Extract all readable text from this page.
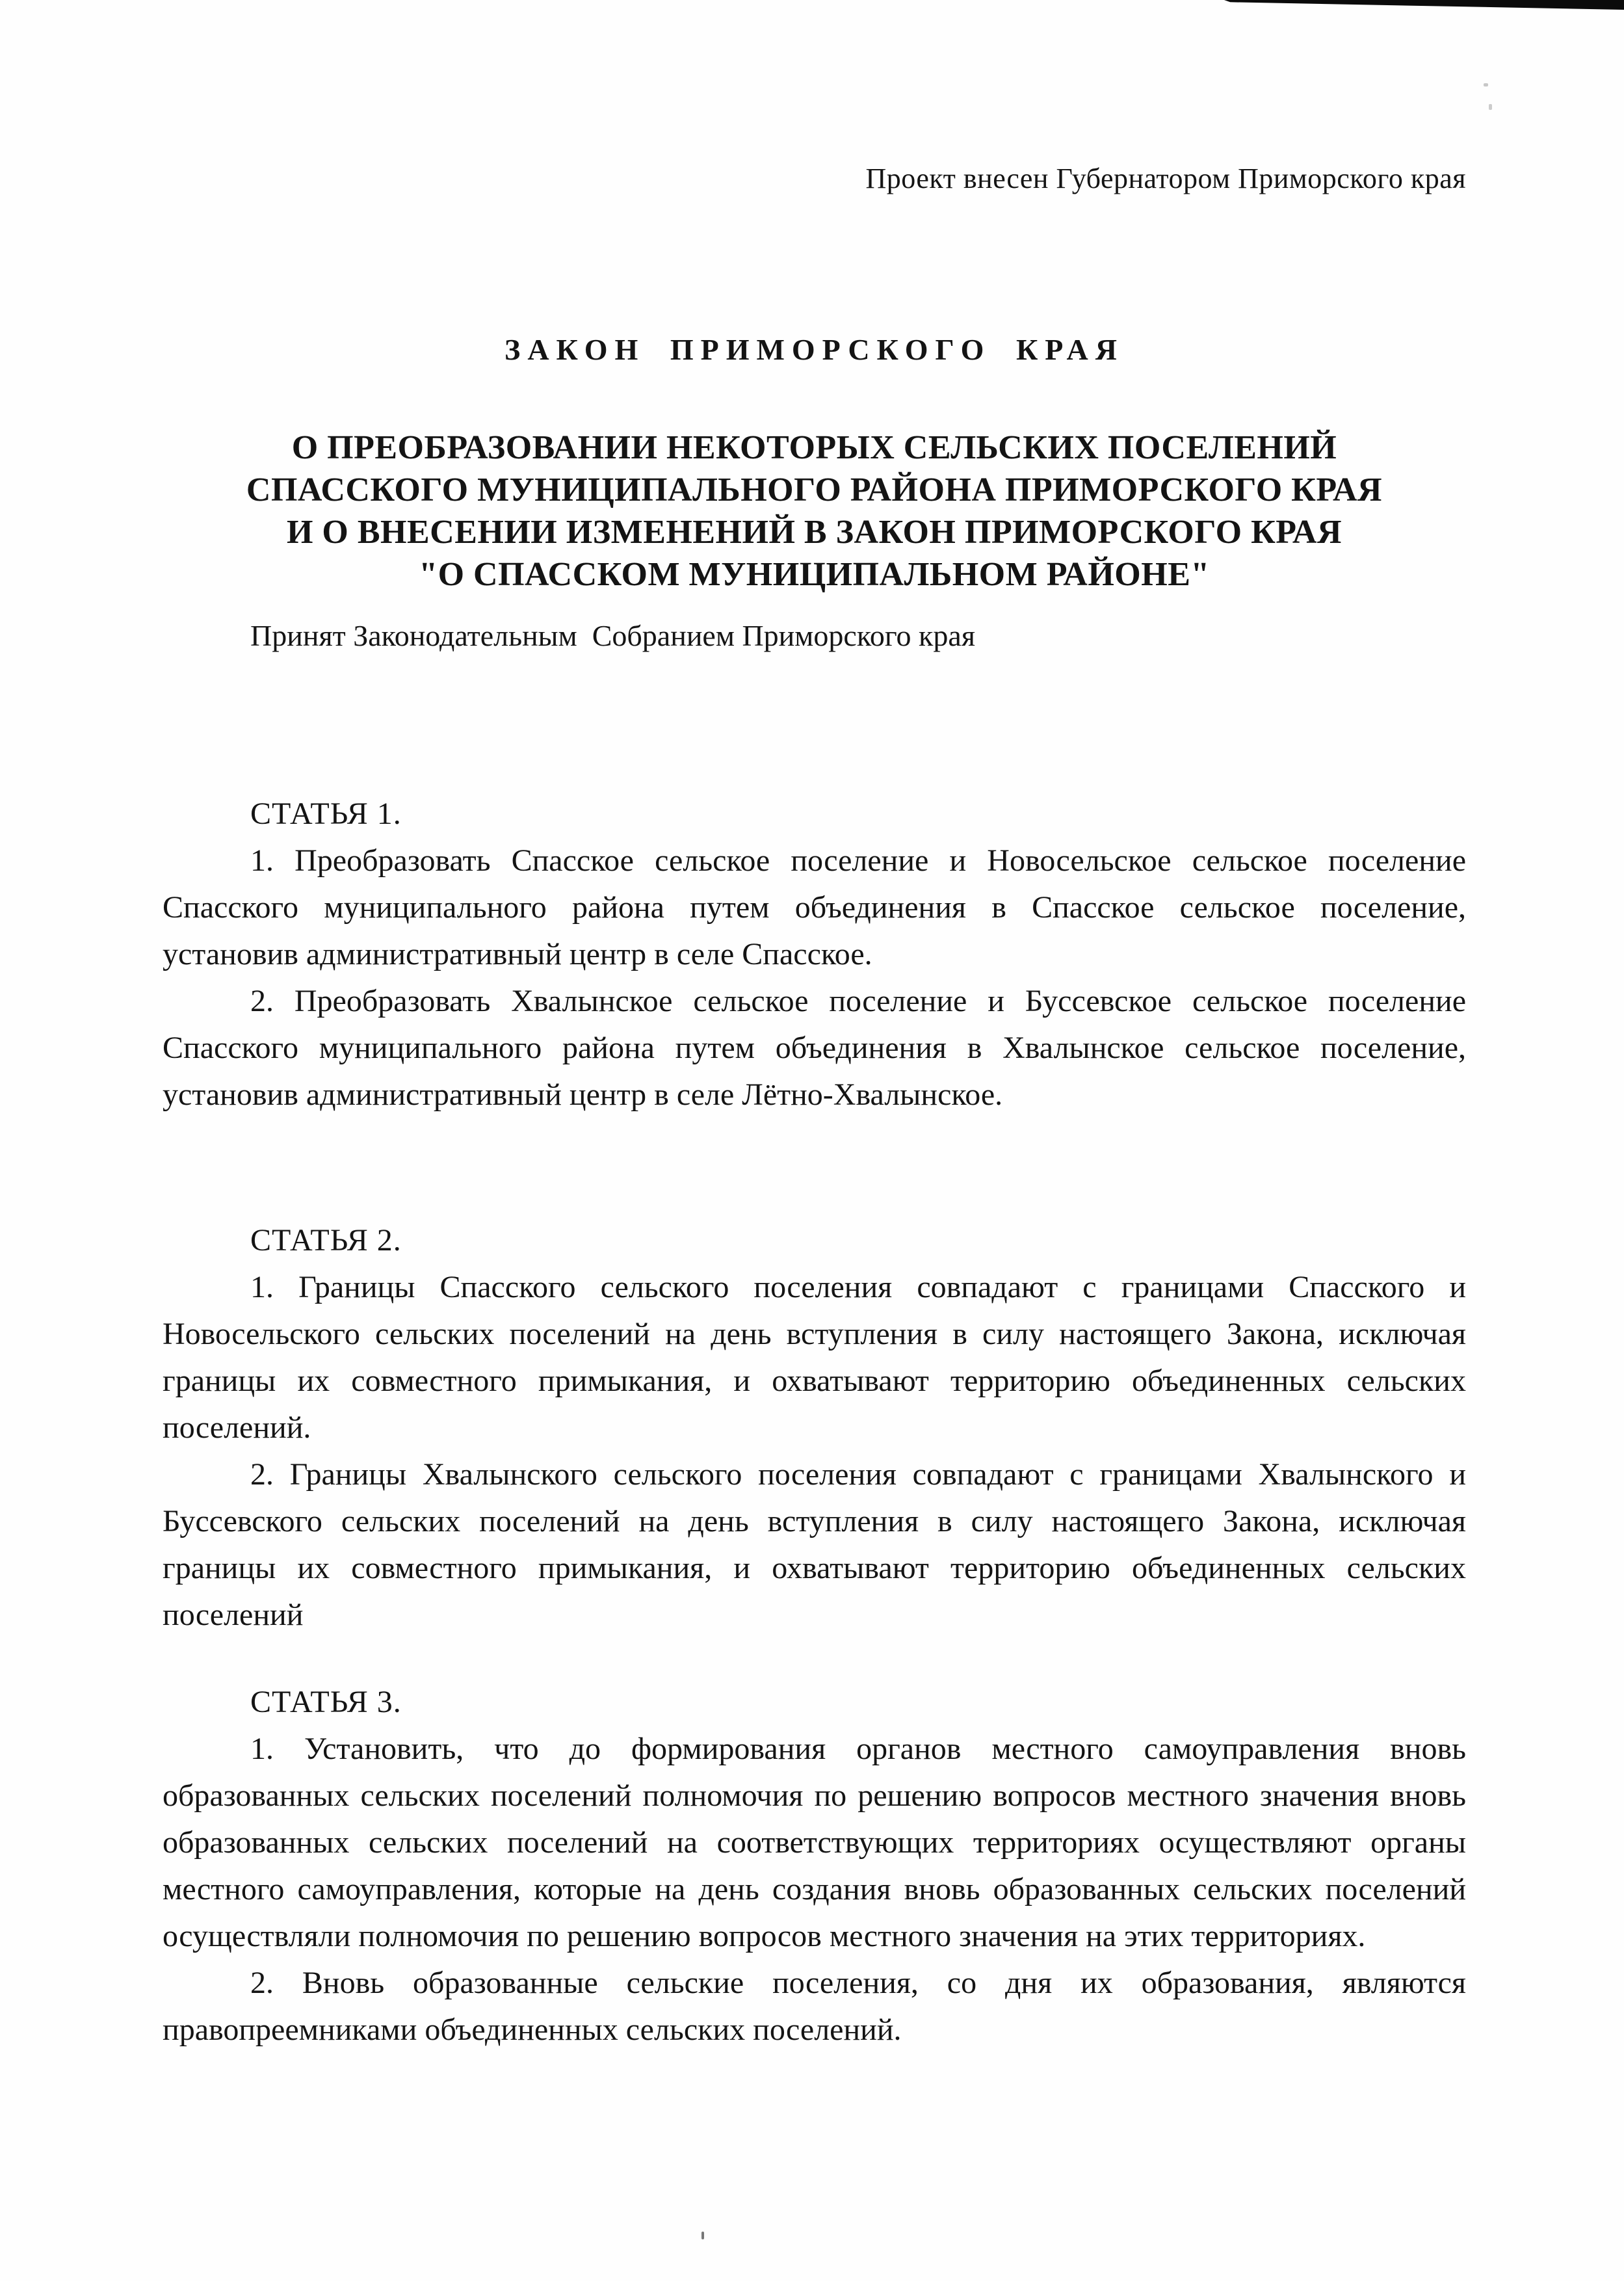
Проект внесен Губернатором Приморского края

ЗАКОН ПРИМОРСКОГО КРАЯ
О ПРЕОБРАЗОВАНИИ НЕКОТОРЫХ СЕЛЬСКИХ ПОСЕЛЕНИЙ
СПАССКОГО МУНИЦИПАЛЬНОГО РАЙОНА ПРИМОРСКОГО КРАЯ
И О ВНЕСЕНИИ ИЗМЕНЕНИЙ В ЗАКОН ПРИМОРСКОГО КРАЯ
"О СПАССКОМ МУНИЦИПАЛЬНОМ РАЙОНЕ"

Принят Законодательным  Собранием Приморского края

СТАТЬЯ 1.

1. Преобразовать Спасское сельское поселение и Новосельское сельское поселение Спасского муниципального района путем объединения в Спасское сельское поселение, установив административный центр в селе Спасское.

2. Преобразовать Хвалынское сельское поселение и Буссевское сельское поселение Спасского муниципального района путем объединения в Хвалынское сельское поселение, установив административный центр в селе Лётно-Хвалынское.

СТАТЬЯ 2.

1. Границы Спасского сельского поселения совпадают с границами Спасского и Новосельского сельских поселений на день вступления в силу настоящего Закона, исключая границы их совместного примыкания, и охватывают территорию объединенных сельских поселений.

2. Границы Хвалынского сельского поселения совпадают с границами Хвалынского и Буссевского сельских поселений на день вступления в силу настоящего Закона, исключая границы их совместного примыкания, и охватывают территорию объединенных сельских поселений

СТАТЬЯ 3.

1. Установить, что до формирования органов местного самоуправления вновь образованных сельских поселений полномочия по решению вопросов местного значения вновь образованных сельских поселений на соответствующих территориях осуществляют органы местного самоуправления, которые на день создания вновь образованных сельских поселений осуществляли полномочия по решению вопросов местного значения на этих территориях.

2. Вновь образованные сельские поселения, со дня их образования, являются правопреемниками объединенных сельских поселений.
